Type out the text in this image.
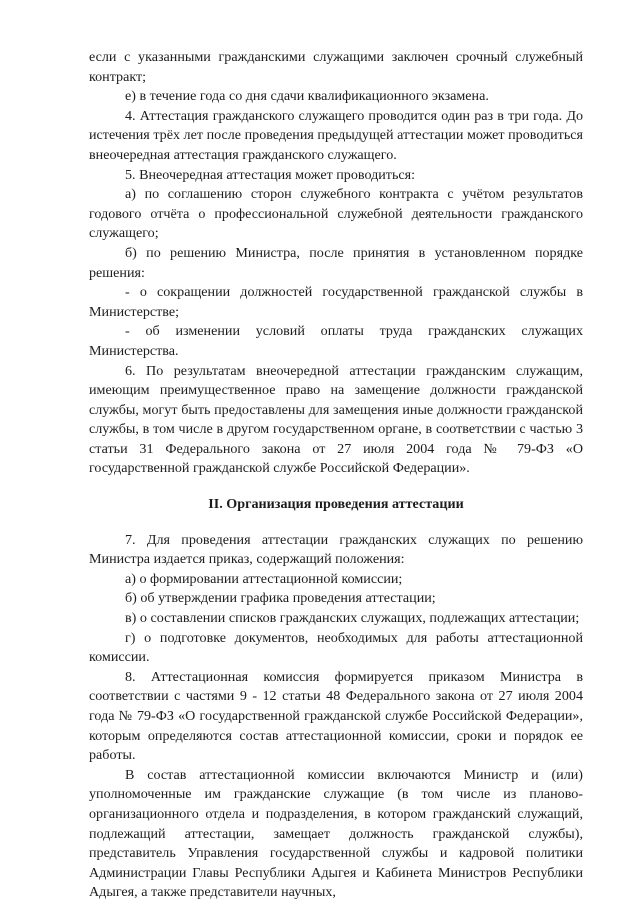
если с указанными гражданскими служащими заключен срочный служебный контракт;

е) в течение года со дня сдачи квалификационного экзамена.

4. Аттестация гражданского служащего проводится один раз в три года. До истечения трёх лет после проведения предыдущей аттестации может проводиться внеочередная аттестация гражданского служащего.

5. Внеочередная аттестация может проводиться:

а) по соглашению сторон служебного контракта с учётом результатов годового отчёта о профессиональной служебной деятельности гражданского служащего;

б) по решению Министра, после принятия в установленном порядке решения:

- о сокращении должностей государственной гражданской службы в Министерстве;

- об изменении условий оплаты труда гражданских служащих Министерства.

6. По результатам внеочередной аттестации гражданским служащим, имеющим преимущественное право на замещение должности гражданской службы, могут быть предоставлены для замещения иные должности гражданской службы, в том числе в другом государственном органе, в соответствии с частью 3 статьи 31 Федерального закона от 27 июля 2004 года № 79-ФЗ «О государственной гражданской службе Российской Федерации».

II. Организация проведения аттестации

7. Для проведения аттестации гражданских служащих по решению Министра издается приказ, содержащий положения:

а) о формировании аттестационной комиссии;

б) об утверждении графика проведения аттестации;

в) о составлении списков гражданских служащих, подлежащих аттестации;

г) о подготовке документов, необходимых для работы аттестационной комиссии.

8. Аттестационная комиссия формируется приказом Министра в соответствии с частями 9 - 12 статьи 48 Федерального закона от 27 июля 2004 года № 79-ФЗ «О государственной гражданской службе Российской Федерации», которым определяются состав аттестационной комиссии, сроки и порядок ее работы.

В состав аттестационной комиссии включаются Министр и (или) уполномоченные им гражданские служащие (в том числе из планово-организационного отдела и подразделения, в котором гражданский служащий, подлежащий аттестации, замещает должность гражданской службы), представитель Управления государственной службы и кадровой политики Администрации Главы Республики Адыгея и Кабинета Министров Республики Адыгея, а также представители научных,
